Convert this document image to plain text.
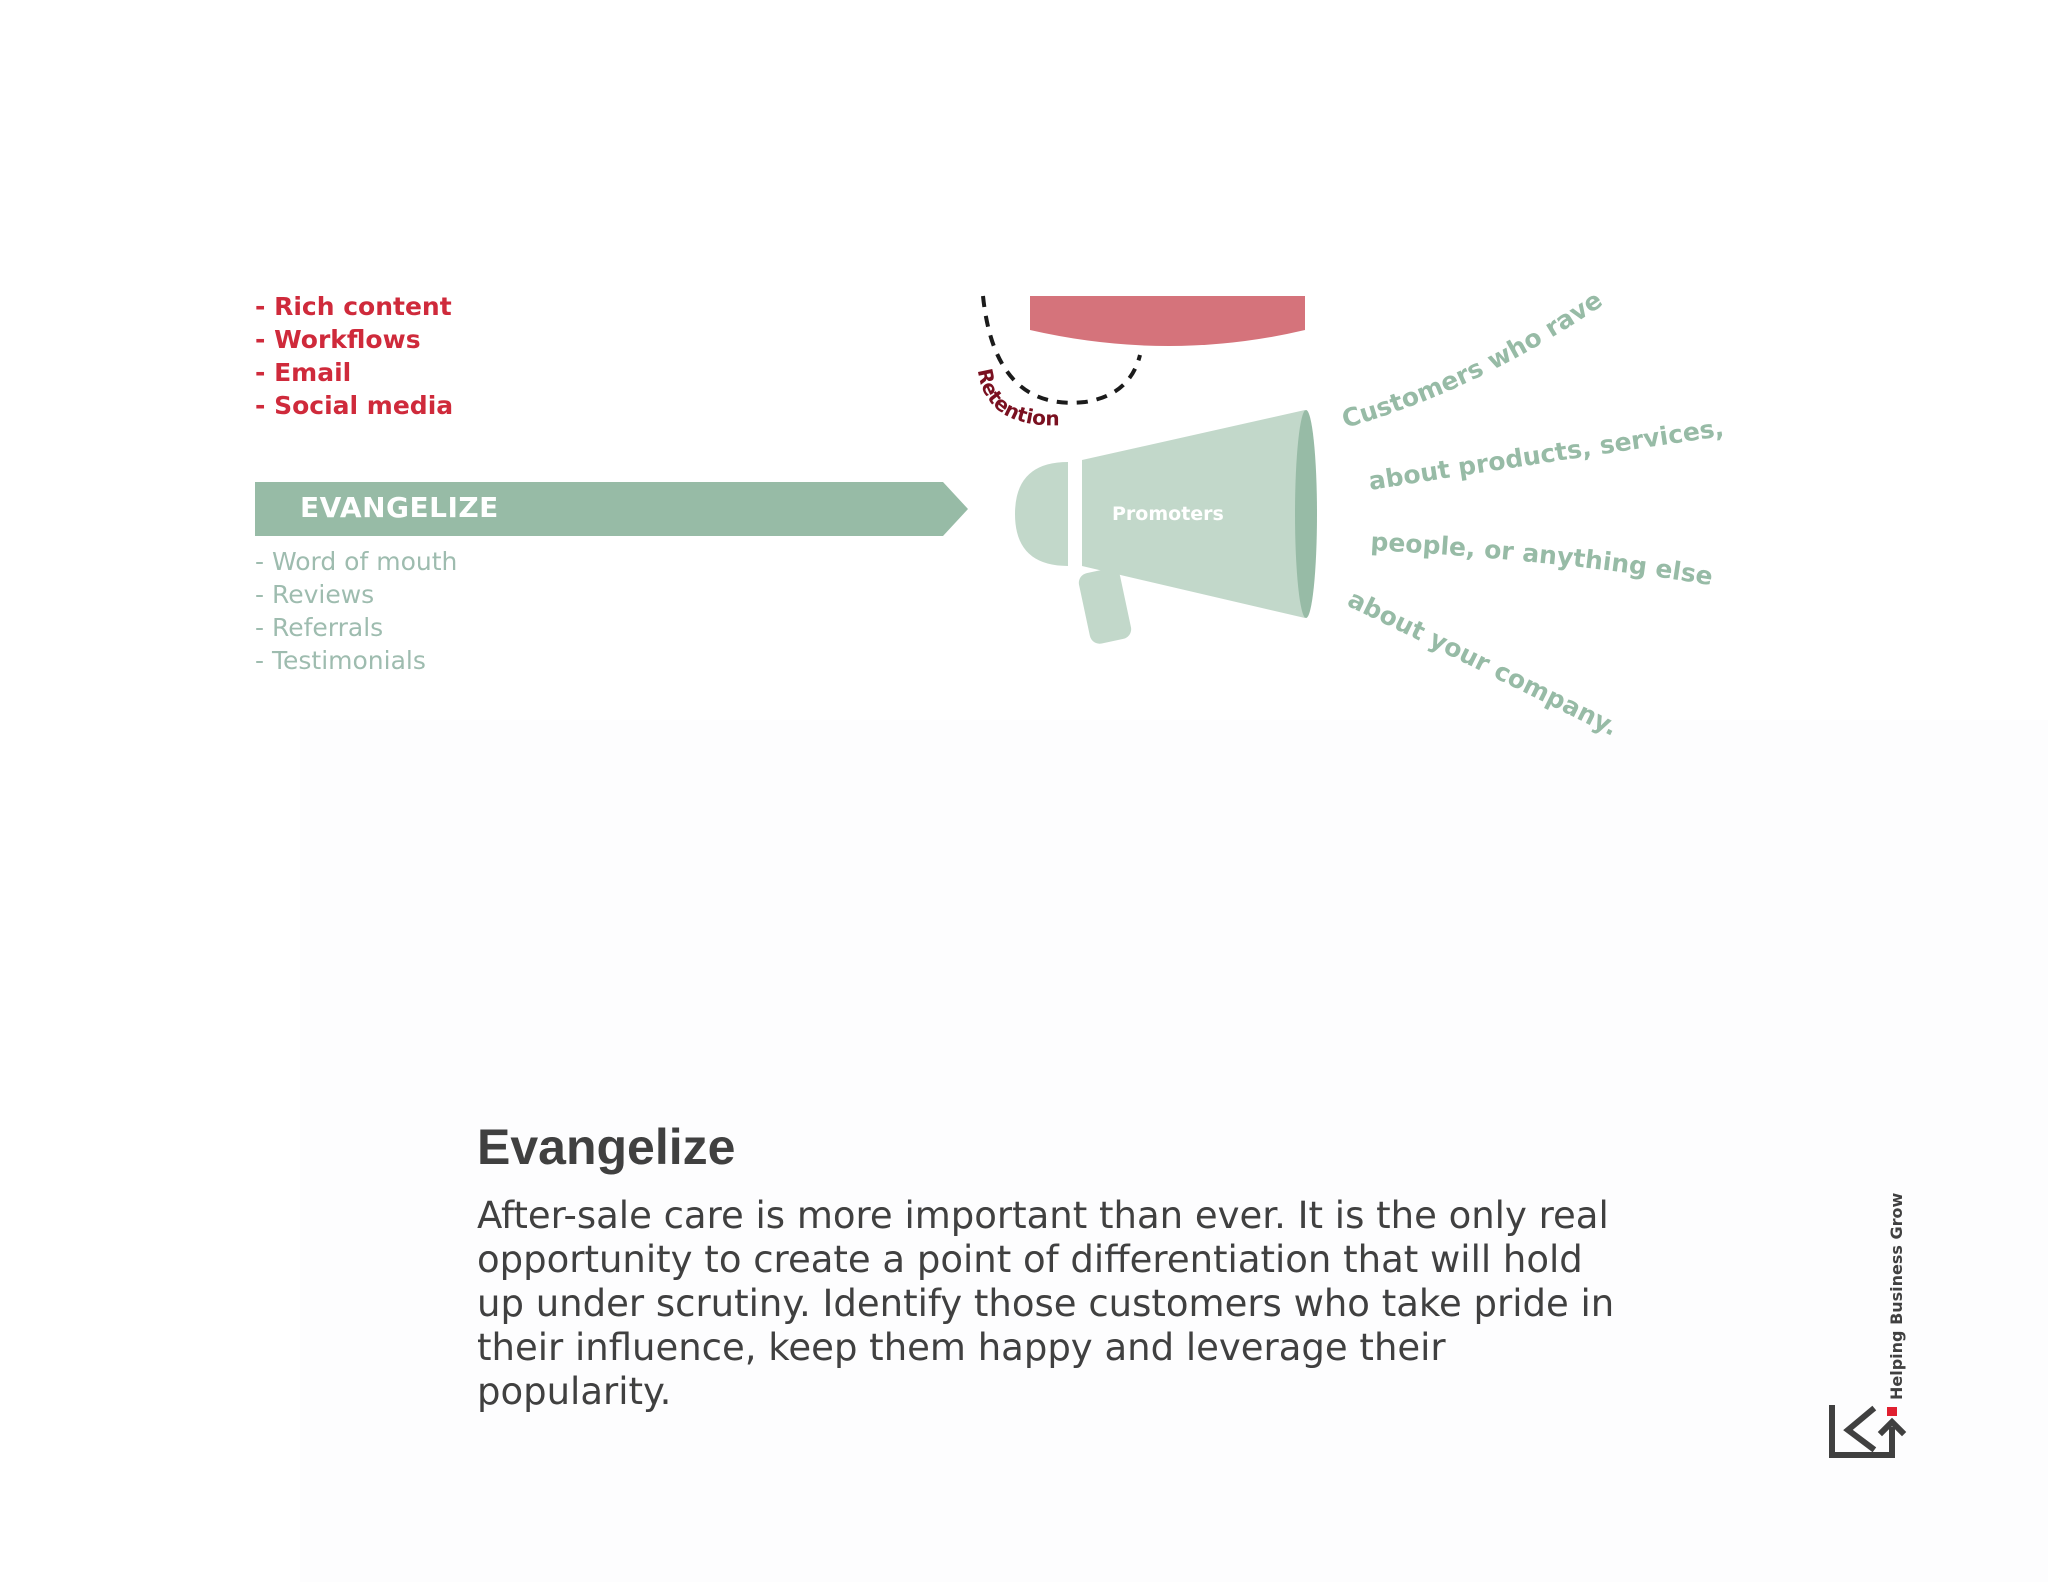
- Rich content
- Workflows
- Email
- Social media
EVANGELIZE
- Word of mouth
- Reviews
- Referrals
- Testimonials
Retention
Promoters
Customers who rave
about products, services,
people, or anything else
about your company.
Evangelize

After-sale care is more important than ever. It is the only real opportunity to create a point of differentiation that will hold up under scrutiny. Identify those customers who take pride in their influence, keep them happy and leverage their popularity.	Helping Business Grow
